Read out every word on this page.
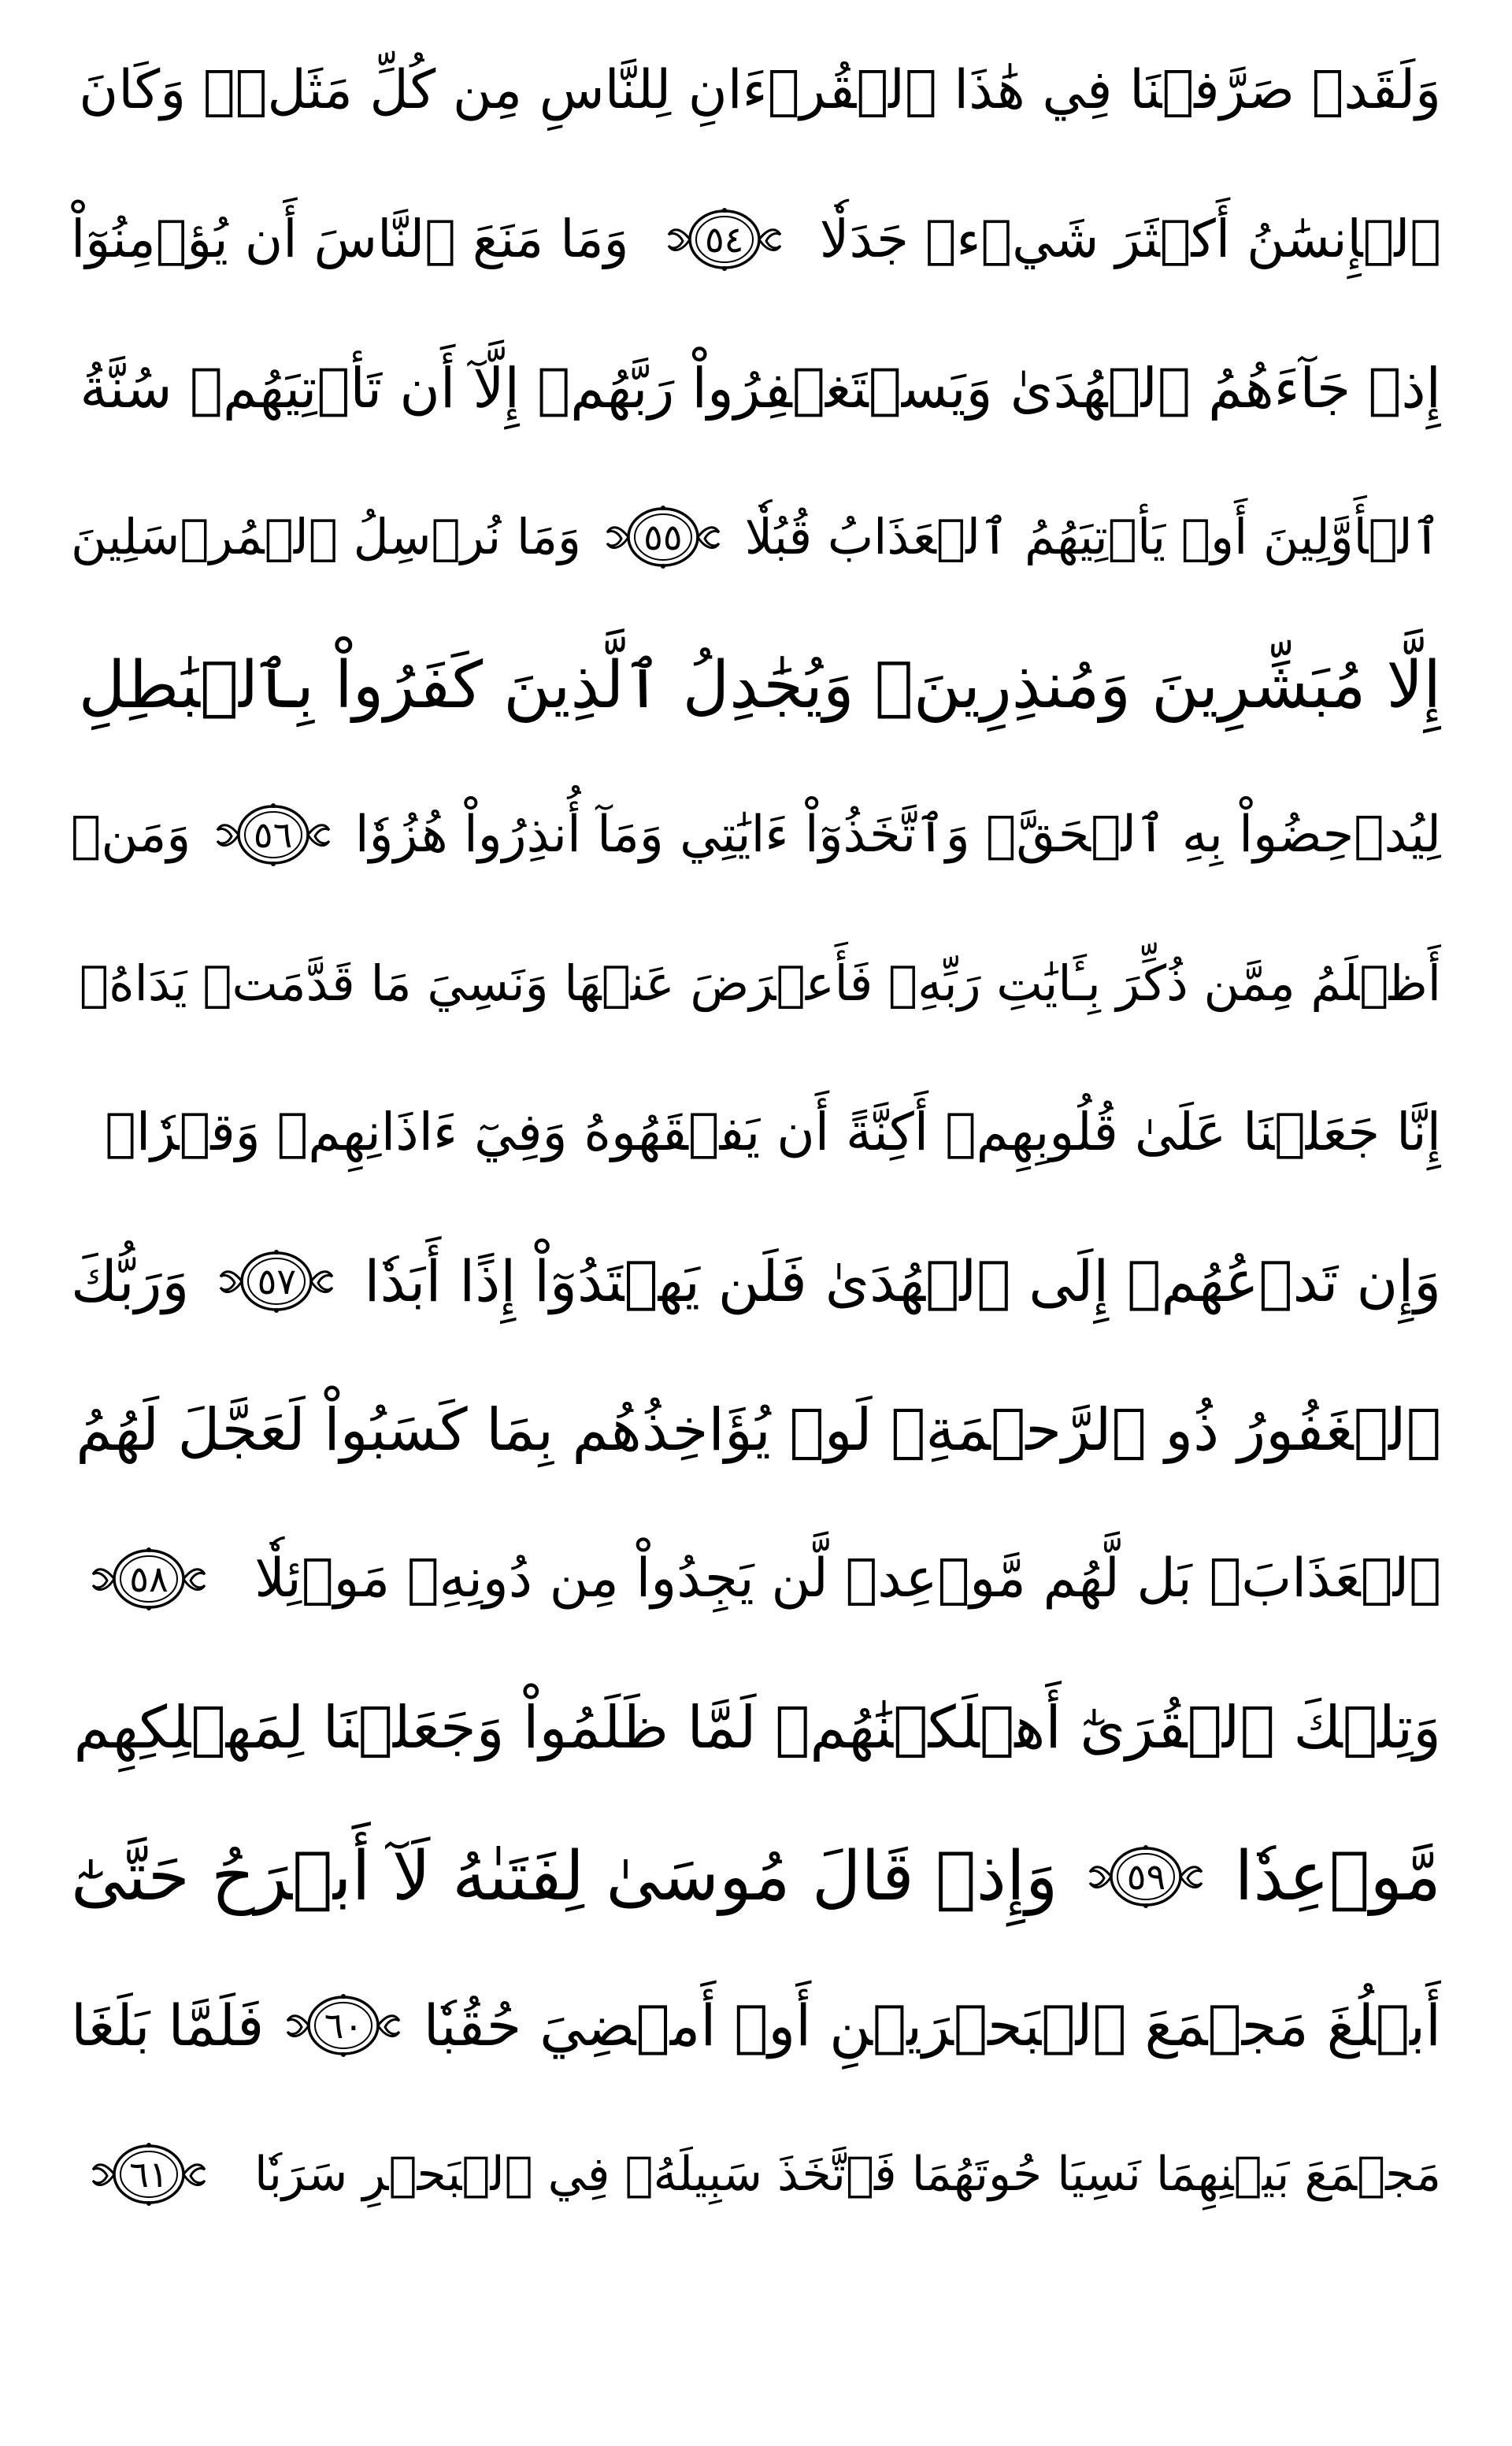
وَلَقَدۡ صَرَّفۡنَا فِي هَٰذَا ٱلۡقُرۡءَانِ لِلنَّاسِ مِن كُلِّ مَثَلٖۚ وَكَانَ
ٱلۡإِنسَٰنُ أَكۡثَرَ شَيۡءٖ جَدَلٗا
٥٤
وَمَا مَنَعَ ٱلنَّاسَ أَن يُؤۡمِنُوٓاْ
إِذۡ جَآءَهُمُ ٱلۡهُدَىٰ وَيَسۡتَغۡفِرُواْ رَبَّهُمۡ إِلَّآ أَن تَأۡتِيَهُمۡ سُنَّةُ
ٱلۡأَوَّلِينَ أَوۡ يَأۡتِيَهُمُ ٱلۡعَذَابُ قُبُلٗا
٥٥
وَمَا نُرۡسِلُ ٱلۡمُرۡسَلِينَ
إِلَّا مُبَشِّرِينَ وَمُنذِرِينَۚ وَيُجَٰدِلُ ٱلَّذِينَ كَفَرُواْ بِٱلۡبَٰطِلِ
لِيُدۡحِضُواْ بِهِ ٱلۡحَقَّۖ وَٱتَّخَذُوٓاْ ءَايَٰتِي وَمَآ أُنذِرُواْ هُزُوٗا
٥٦
وَمَنۡ
أَظۡلَمُ مِمَّن ذُكِّرَ بِـَٔايَٰتِ رَبِّهِۦ فَأَعۡرَضَ عَنۡهَا وَنَسِيَ مَا قَدَّمَتۡ يَدَاهُۚ
إِنَّا جَعَلۡنَا عَلَىٰ قُلُوبِهِمۡ أَكِنَّةً أَن يَفۡقَهُوهُ وَفِيٓ ءَاذَانِهِمۡ وَقۡرٗاۖ
وَإِن تَدۡعُهُمۡ إِلَى ٱلۡهُدَىٰ فَلَن يَهۡتَدُوٓاْ إِذًا أَبَدٗا
٥٧
وَرَبُّكَ
ٱلۡغَفُورُ ذُو ٱلرَّحۡمَةِۖ لَوۡ يُؤَاخِذُهُم بِمَا كَسَبُواْ لَعَجَّلَ لَهُمُ
ٱلۡعَذَابَۚ بَل لَّهُم مَّوۡعِدٞ لَّن يَجِدُواْ مِن دُونِهِۦ مَوۡئِلٗا
٥٨
وَتِلۡكَ ٱلۡقُرَىٰٓ أَهۡلَكۡنَٰهُمۡ لَمَّا ظَلَمُواْ وَجَعَلۡنَا لِمَهۡلِكِهِم
مَّوۡعِدٗا
٥٩
وَإِذۡ قَالَ مُوسَىٰ لِفَتَىٰهُ لَآ أَبۡرَحُ حَتَّىٰٓ
أَبۡلُغَ مَجۡمَعَ ٱلۡبَحۡرَيۡنِ أَوۡ أَمۡضِيَ حُقُبٗا
٦٠
فَلَمَّا بَلَغَا
مَجۡمَعَ بَيۡنِهِمَا نَسِيَا حُوتَهُمَا فَٱتَّخَذَ سَبِيلَهُۥ فِي ٱلۡبَحۡرِ سَرَبٗا
٦١
